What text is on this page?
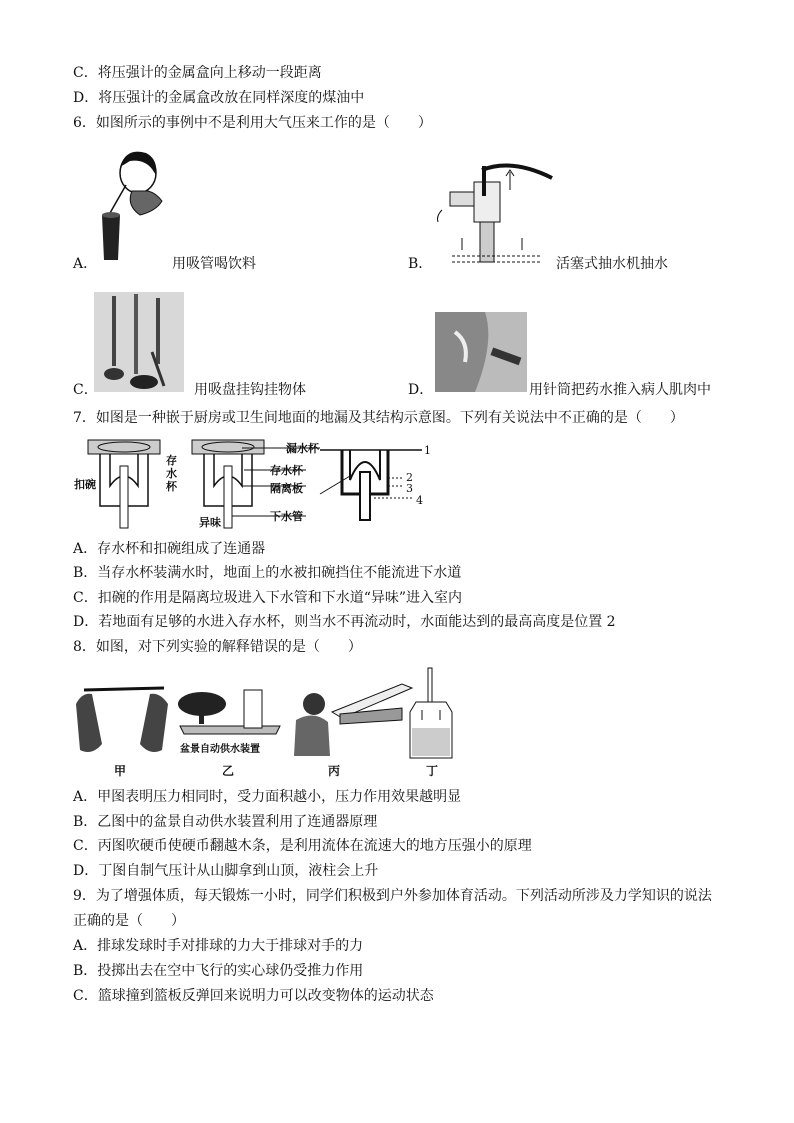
C．将压强计的金属盒向上移动一段距离
D．将压强计的金属盒改放在同样深度的煤油中
6．如图所示的事例中不是利用大气压来工作的是（　　）
A．	用吸管喝饮料	B．	活塞式抽水机抽水
C．	用吸盘挂钩挂物体	D．	用针筒把药水推入病人肌肉中
7．如图是一种嵌于厨房或卫生间地面的地漏及其结构示意图。下列有关说法中不正确的是（　　）
扣碗
存
水
杯
异味
漏水杯
存水杯
隔离板
下水管
1
2
3
4
A．存水杯和扣碗组成了连通器
B．当存水杯装满水时，地面上的水被扣碗挡住不能流进下水道
C．扣碗的作用是隔离垃圾进入下水管和下水道“异味”进入室内
D．若地面有足够的水进入存水杯，则当水不再流动时，水面能达到的最高高度是位置 2
8．如图，对下列实验的解释错误的是（　　）
盆景自动供水装置
甲	乙	丙	丁
A．甲图表明压力相同时，受力面积越小，压力作用效果越明显
B．乙图中的盆景自动供水装置利用了连通器原理
C．丙图吹硬币使硬币翻越木条，是利用流体在流速大的地方压强小的原理
D．丁图自制气压计从山脚拿到山顶，液柱会上升
9．为了增强体质，每天锻炼一小时，同学们积极到户外参加体育活动。下列活动所涉及力学知识的说法
正确的是（　　）
A．排球发球时手对排球的力大于排球对手的力
B．投掷出去在空中飞行的实心球仍受推力作用
C．篮球撞到篮板反弹回来说明力可以改变物体的运动状态
